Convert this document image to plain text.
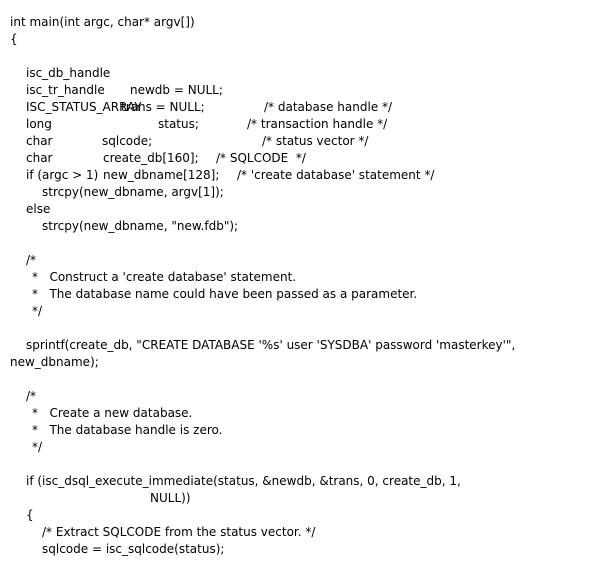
int main(int argc, char* argv[])
{

isc_db_handle

newdb = NULL;

/* database handle */

isc_tr_handle

trans = NULL;

/* transaction handle */

ISC_STATUS_ARRAY

status;

/* status vector */

long

sqlcode;

/* SQLCODE  */

char

create_db[160];

/* 'create database' statement */

char

new_dbname[128];

if (argc > 1)
strcpy(new_dbname, argv[1]);
else
strcpy(new_dbname, "new.fdb");
/*
*   Construct a 'create database' statement.
*   The database name could have been passed as a parameter.
*/
sprintf(create_db, "CREATE DATABASE '%s' user 'SYSDBA' password 'masterkey'",
new_dbname);
/*
*   Create a new database.
*   The database handle is zero.
*/
if (isc_dsql_execute_immediate(status, &newdb, &trans, 0, create_db, 1,
NULL))
{
/* Extract SQLCODE from the status vector. */
sqlcode = isc_sqlcode(status);
